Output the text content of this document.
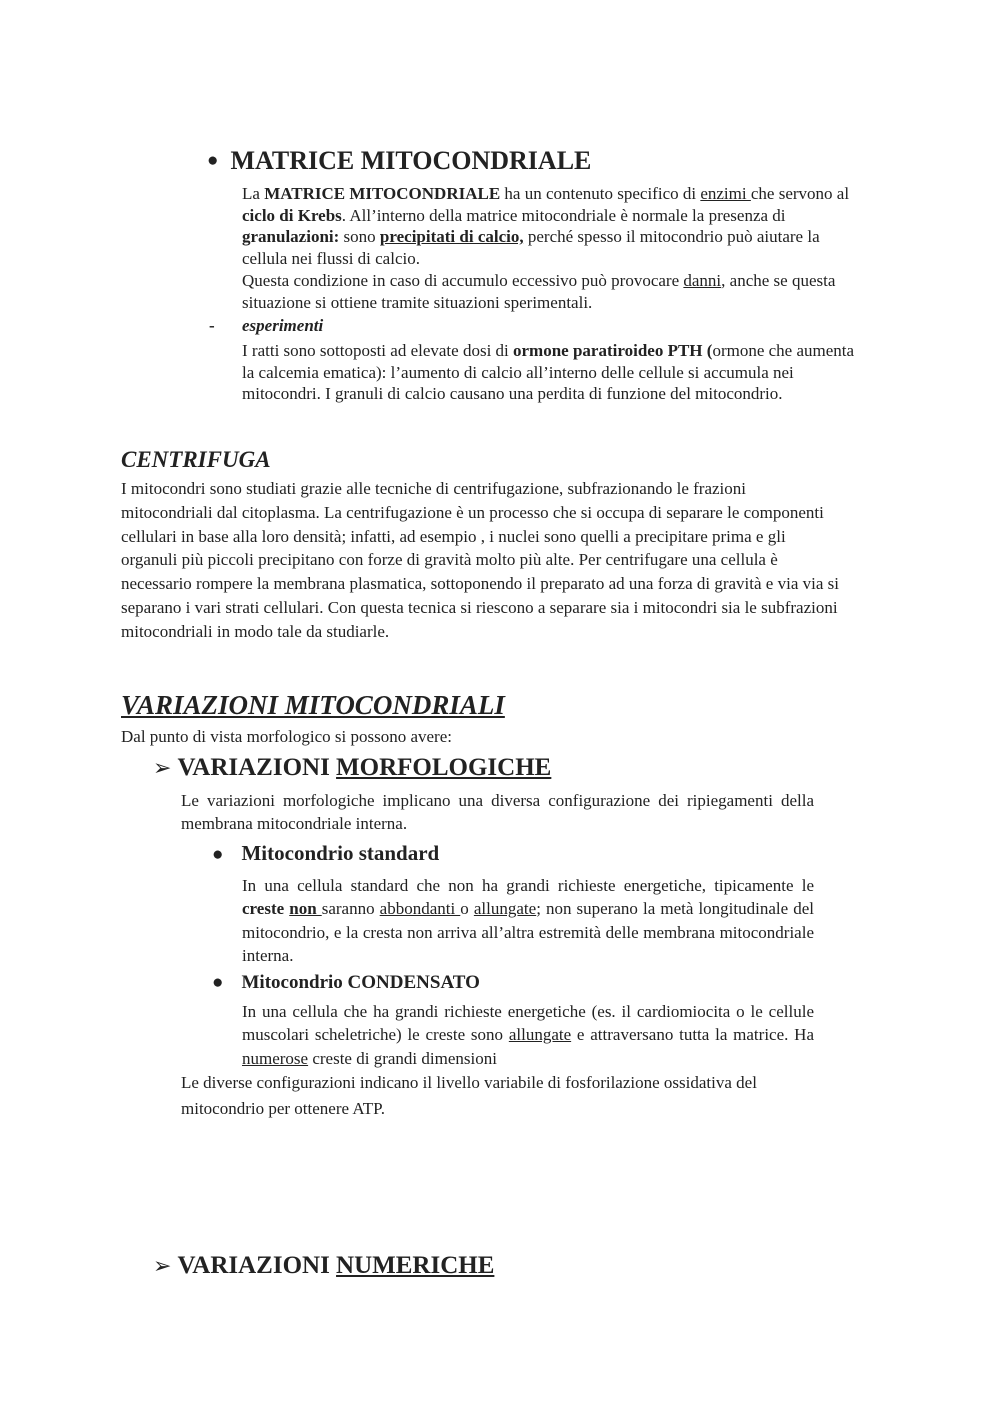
● MATRICE MITOCONDRIALE

La MATRICE MITOCONDRIALE ha un contenuto specifico di enzimi che servono al ciclo di Krebs. All’interno della matrice mitocondriale è normale la presenza di granulazioni: sono precipitati di calcio, perché spesso il mitocondrio può aiutare la cellula nei flussi di calcio.

Questa condizione in caso di accumulo eccessivo può provocare danni, anche se questa situazione si ottiene tramite situazioni sperimentali.

- esperimenti

I ratti sono sottoposti ad elevate dosi di ormone paratiroideo PTH (ormone che aumenta la calcemia ematica): l’aumento di calcio all’interno delle cellule si accumula nei mitocondri. I granuli di calcio causano una perdita di funzione del mitocondrio.

CENTRIFUGA

I mitocondri sono studiati grazie alle tecniche di centrifugazione, subfrazionando le frazioni mitocondriali dal citoplasma. La centrifugazione è un processo che si occupa di separare le componenti cellulari in base alla loro densità; infatti, ad esempio , i nuclei sono quelli a precipitare prima e gli organuli più piccoli precipitano con forze di gravità molto più alte. Per centrifugare una cellula è necessario rompere la membrana plasmatica, sottoponendo il preparato ad una forza di gravità e via via si separano i vari strati cellulari. Con questa tecnica si riescono a separare sia i mitocondri sia le subfrazioni mitocondriali in modo tale da studiarle.

VARIAZIONI MITOCONDRIALI

Dal punto di vista morfologico si possono avere:

➢ VARIAZIONI MORFOLOGICHE

Le variazioni morfologiche implicano una diversa configurazione dei ripiegamenti della membrana mitocondriale interna.

● Mitocondrio standard

In una cellula standard che non ha grandi richieste energetiche, tipicamente le creste non saranno abbondanti o allungate; non superano la metà longitudinale del mitocondrio, e la cresta non arriva all’altra estremità delle membrana mitocondriale interna.

● Mitocondrio CONDENSATO

In una cellula che ha grandi richieste energetiche (es. il cardiomiocita o le cellule muscolari scheletriche) le creste sono allungate e attraversano tutta la matrice. Ha numerose creste di grandi dimensioni

Le diverse configurazioni indicano il livello variabile di fosforilazione ossidativa del mitocondrio per ottenere ATP.

➢ VARIAZIONI NUMERICHE
